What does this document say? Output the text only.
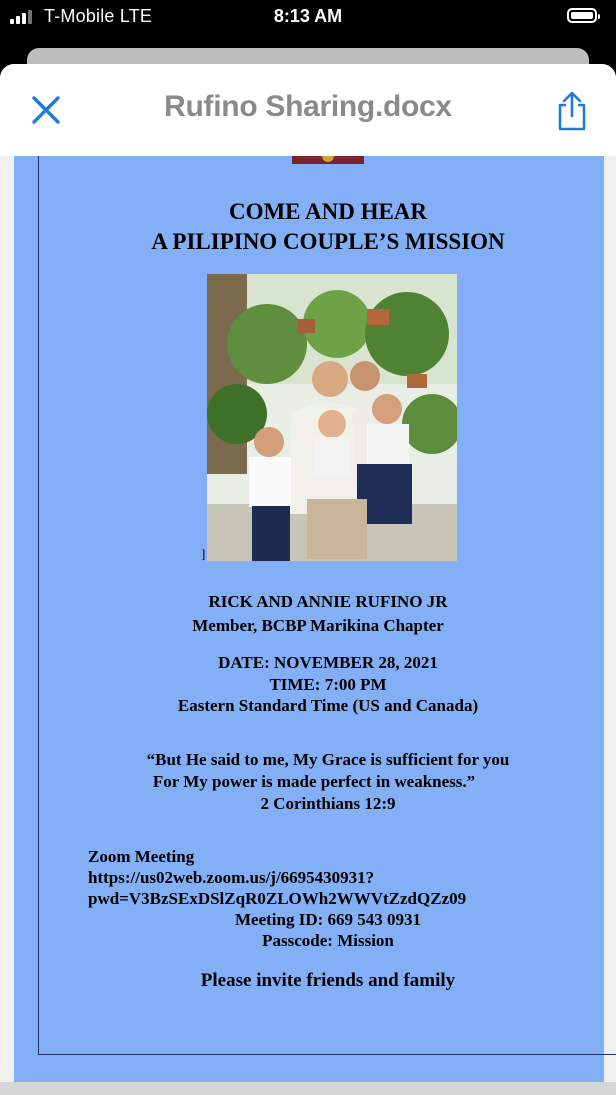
T-Mobile LTE	8:13 AM
Rufino Sharing.docx
COME AND HEAR
A PILIPINO COUPLE’S MISSION
]
RICK AND ANNIE RUFINO JR
Member, BCBP Marikina Chapter
DATE: NOVEMBER 28, 2021
TIME: 7:00 PM
Eastern Standard Time (US and Canada)
“But He said to me, My Grace is sufficient for you
For My power is made perfect in weakness.”
2 Corinthians 12:9
Zoom Meeting
https://us02web.zoom.us/j/6695430931?
pwd=V3BzSExDSlZqR0ZLOWh2WWVtZzdQZz09
Meeting ID: 669 543 0931
Passcode: Mission
Please invite friends and family
